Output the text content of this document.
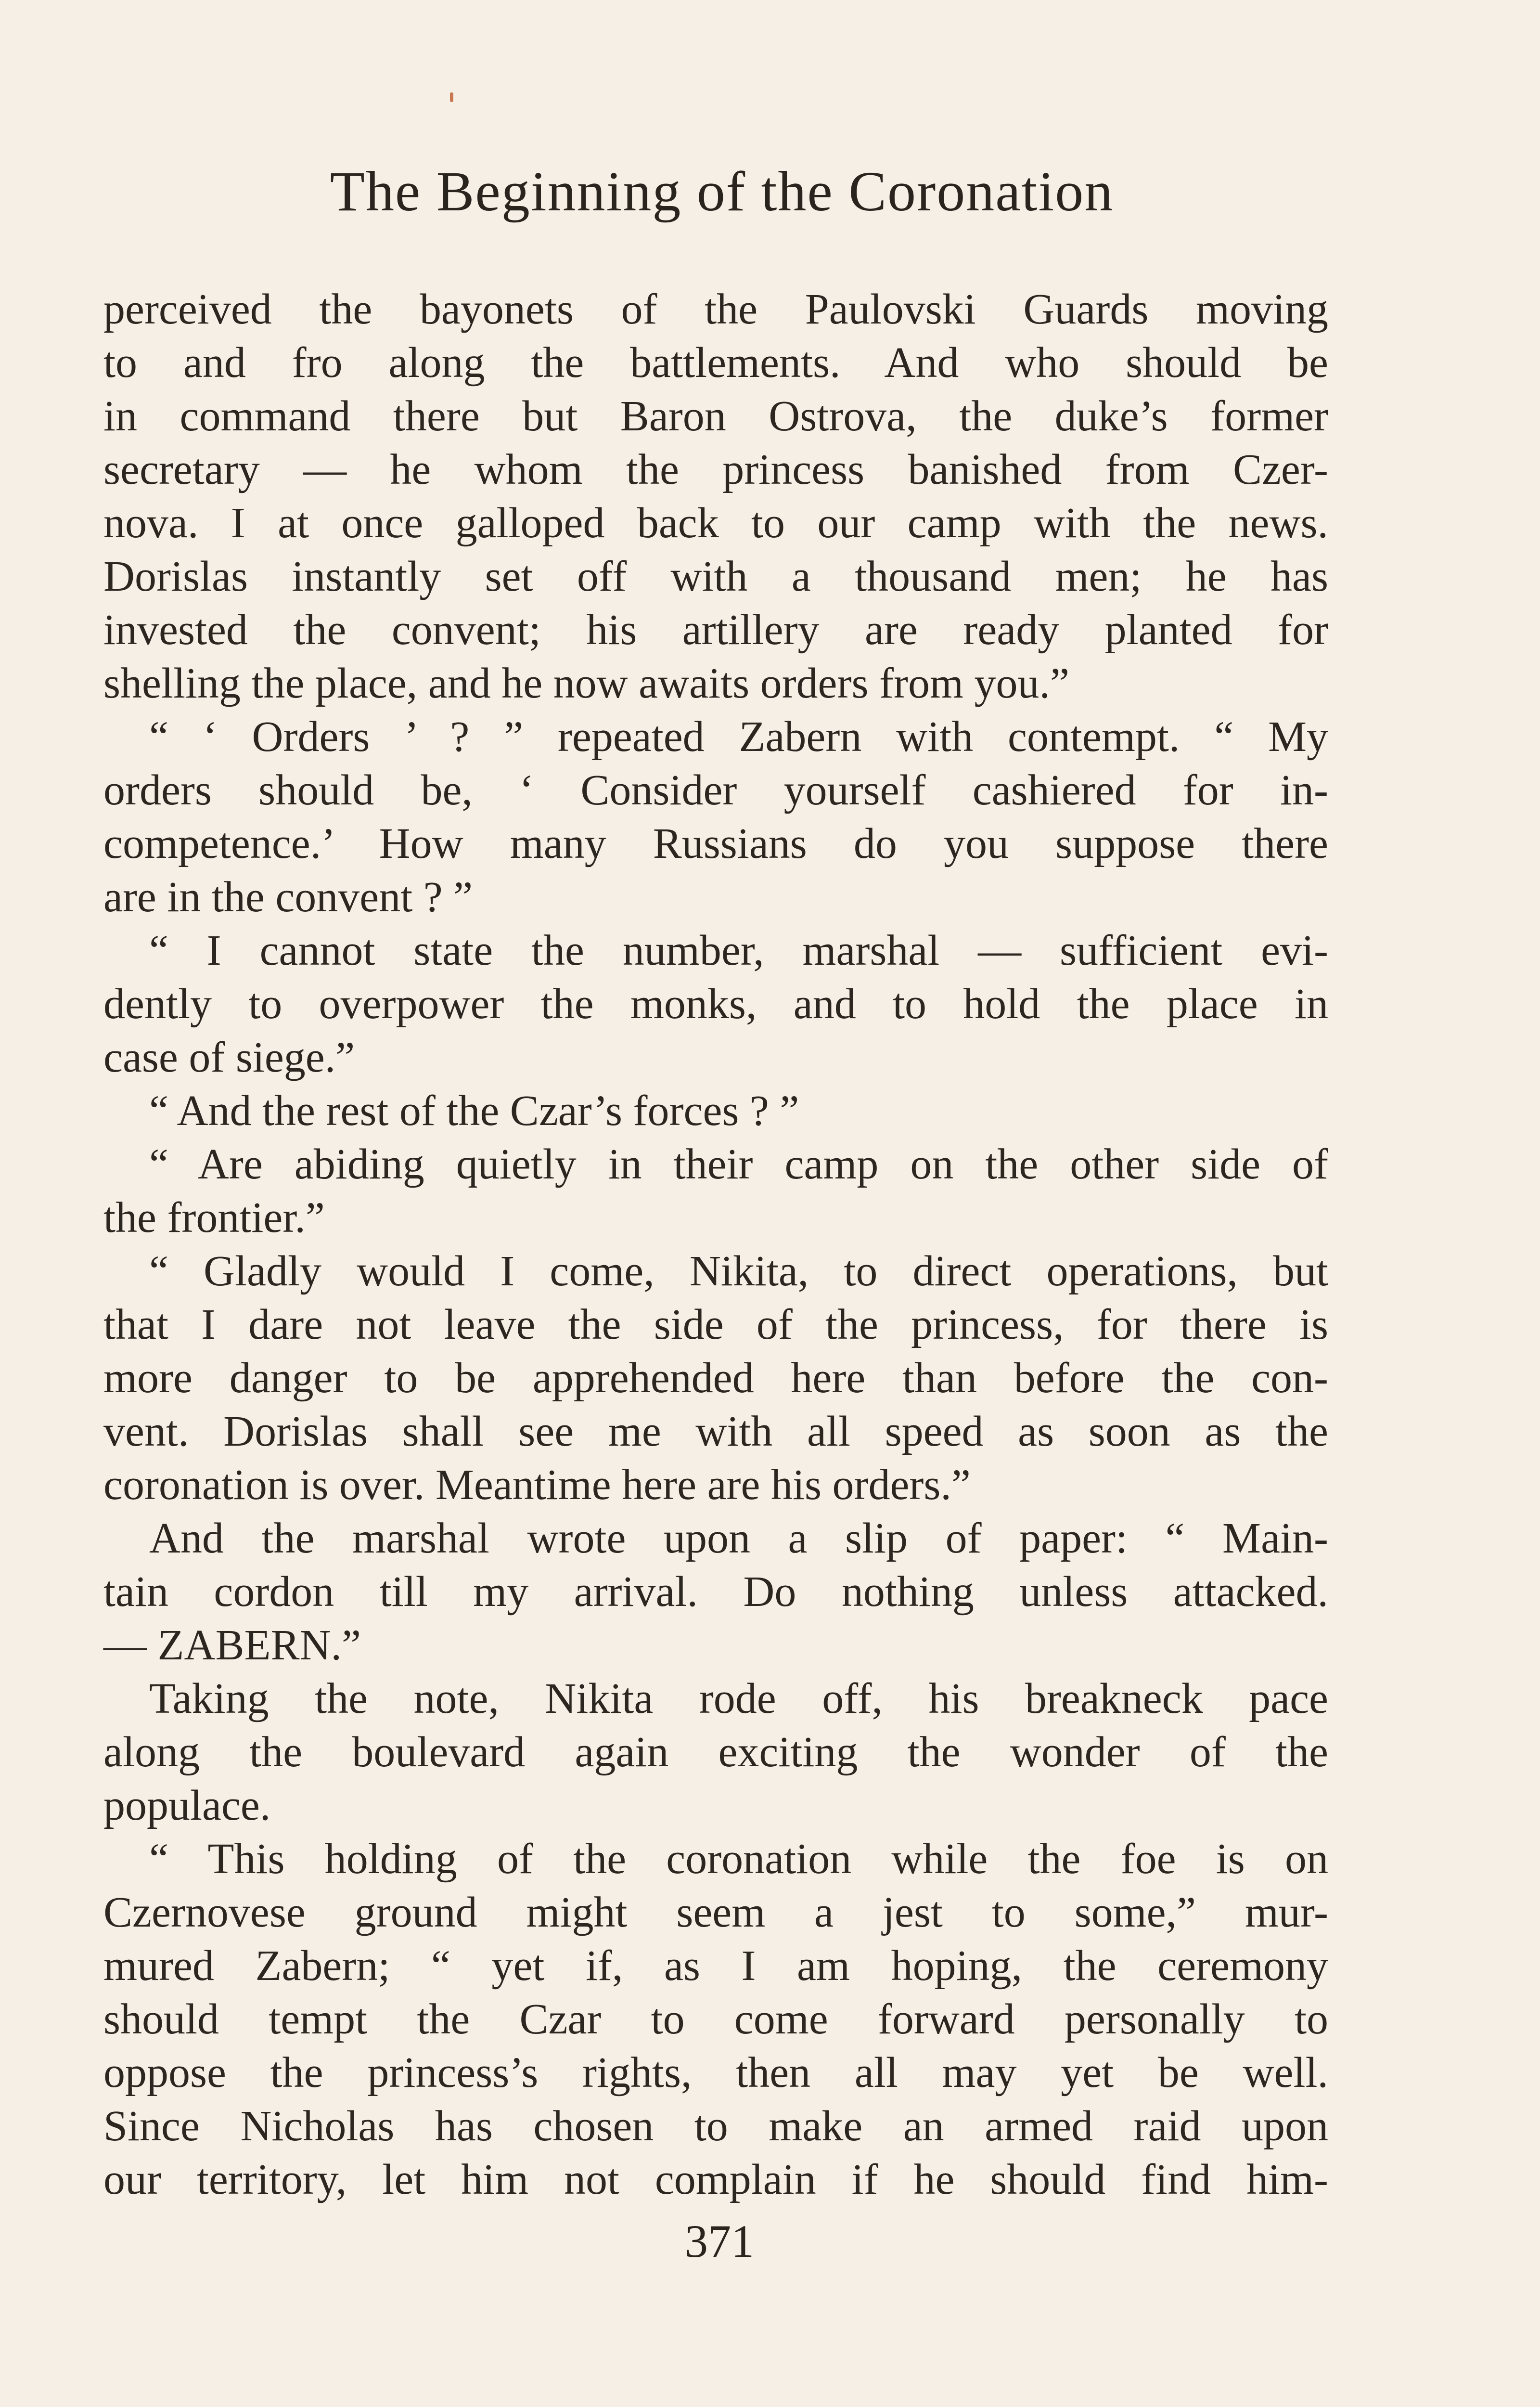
The Beginning of the Coronation
perceived the bayonets of the Paulovski Guards moving
to and fro along the battlements. And who should be
in command there but Baron Ostrova, the duke’s former
secretary — he whom the princess banished from Czer-
nova. I at once galloped back to our camp with the news.
Dorislas instantly set off with a thousand men; he has
invested the convent; his artillery are ready planted for
shelling the place, and he now awaits orders from you.”
“ ‘ Orders ’ ? ” repeated Zabern with contempt. “ My
orders should be, ‘ Consider yourself cashiered for in-
competence.’ How many Russians do you suppose there
are in the convent ? ”
“ I cannot state the number, marshal — sufficient evi-
dently to overpower the monks, and to hold the place in
case of siege.”
“ And the rest of the Czar’s forces ? ”
“ Are abiding quietly in their camp on the other side of
the frontier.”
“ Gladly would I come, Nikita, to direct operations, but
that I dare not leave the side of the princess, for there is
more danger to be apprehended here than before the con-
vent. Dorislas shall see me with all speed as soon as the
coronation is over. Meantime here are his orders.”
And the marshal wrote upon a slip of paper: “ Main-
tain cordon till my arrival. Do nothing unless attacked.
— ZABERN.”
Taking the note, Nikita rode off, his breakneck pace
along the boulevard again exciting the wonder of the
populace.
“ This holding of the coronation while the foe is on
Czernovese ground might seem a jest to some,” mur-
mured Zabern; “ yet if, as I am hoping, the ceremony
should tempt the Czar to come forward personally to
oppose the princess’s rights, then all may yet be well.
Since Nicholas has chosen to make an armed raid upon
our territory, let him not complain if he should find him-
371
